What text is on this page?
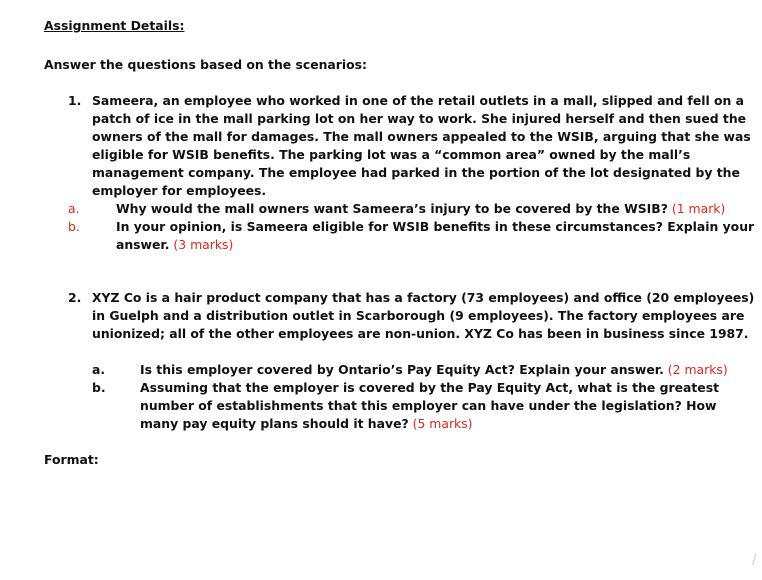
Assignment Details:
Answer the questions based on the scenarios:
1. Sameera, an employee who worked in one of the retail outlets in a mall, slipped and fell on a
patch of ice in the mall parking lot on her way to work. She injured herself and then sued the
owners of the mall for damages. The mall owners appealed to the WSIB, arguing that she was
eligible for WSIB benefits. The parking lot was a “common area” owned by the mall’s
management company. The employee had parked in the portion of the lot designated by the
employer for employees.
a.	Why would the mall owners want Sameera’s injury to be covered by the WSIB? (1 mark)
b.	In your opinion, is Sameera eligible for WSIB benefits in these circumstances? Explain your
answer. (3 marks)
2. XYZ Co is a hair product company that has a factory (73 employees) and office (20 employees)
in Guelph and a distribution outlet in Scarborough (9 employees). The factory employees are
unionized; all of the other employees are non-union. XYZ Co has been in business since 1987.
a.	Is this employer covered by Ontario’s Pay Equity Act? Explain your answer. (2 marks)
b.	Assuming that the employer is covered by the Pay Equity Act, what is the greatest
number of establishments that this employer can have under the legislation? How
many pay equity plans should it have? (5 marks)
Format:
/
